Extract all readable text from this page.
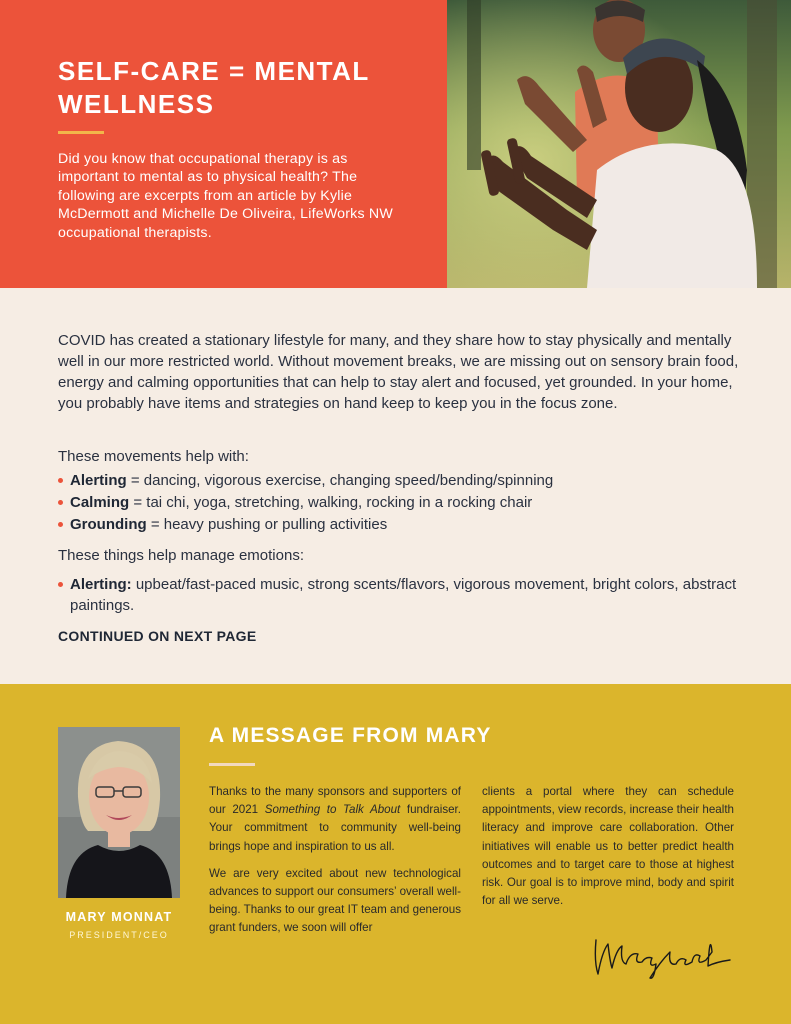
SELF-CARE = MENTAL WELLNESS

Did you know that occupational therapy is as important to mental as to physical health? The following are excerpts from an article by Kylie McDermott and Michelle De Oliveira, LifeWorks NW occupational therapists.

COVID has created a stationary lifestyle for many, and they share how to stay physically and mentally well in our more restricted world. Without movement breaks, we are missing out on sensory brain food, energy and calming opportunities that can help to stay alert and focused, yet grounded. In your home, you probably have items and strategies on hand keep to keep you in the focus zone.

These movements help with:

Alerting = dancing, vigorous exercise, changing speed/bending/spinning
Calming = tai chi, yoga, stretching, walking, rocking in a rocking chair
Grounding = heavy pushing or pulling activities

These things help manage emotions:

Alerting: upbeat/fast-paced music, strong scents/flavors, vigorous movement, bright colors, abstract paintings.

CONTINUED ON NEXT PAGE

MARY MONNAT

PRESIDENT/CEO

A MESSAGE FROM MARY

Thanks to the many sponsors and supporters of our 2021 Something to Talk About fundraiser. Your commitment to community well-being brings hope and inspiration to us all.

We are very excited about new technological advances to support our consumers’ overall well-being. Thanks to our great IT team and generous grant funders, we soon will offer

clients a portal where they can schedule appointments, view records, increase their health literacy and improve care collaboration. Other initiatives will enable us to better predict health outcomes and to target care to those at highest risk. Our goal is to improve mind, body and spirit for all we serve.
